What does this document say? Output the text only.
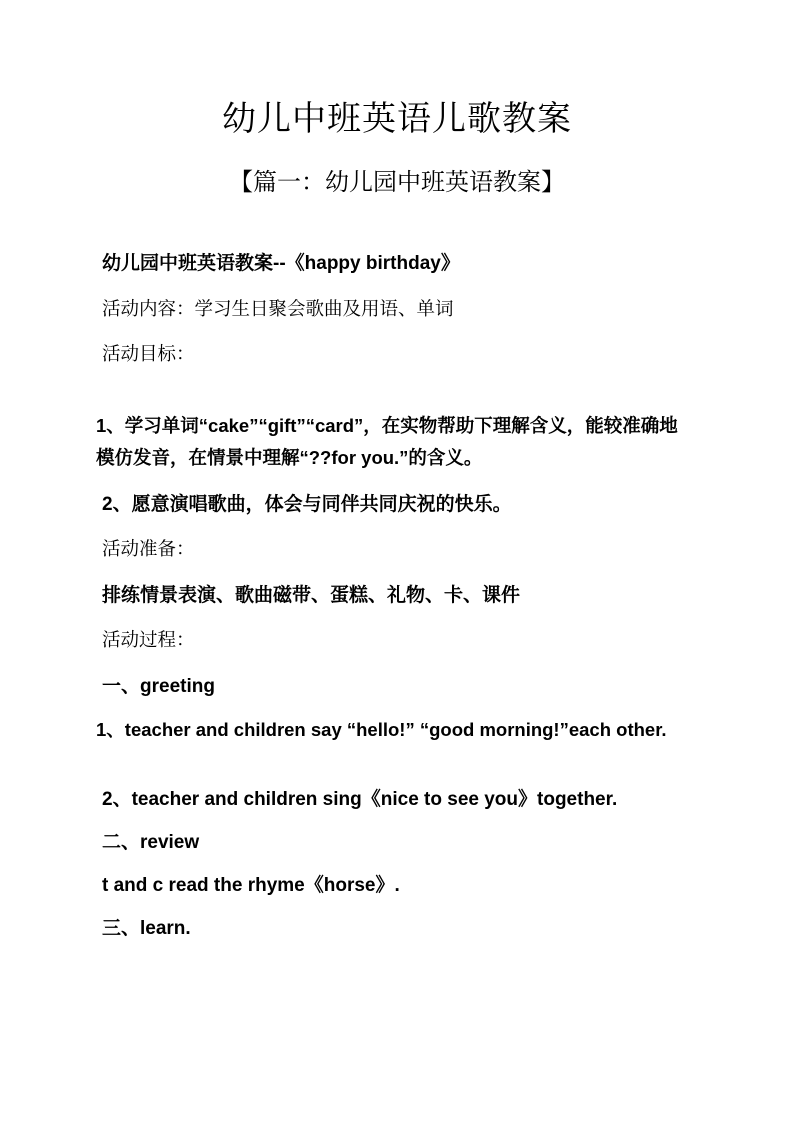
幼儿中班英语儿歌教案
【篇一：幼儿园中班英语教案】

幼儿园中班英语教案--《happy birthday》

活动内容：学习生日聚会歌曲及用语、单词

活动目标：

1、学习单词“cake”“gift”“card”，在实物帮助下理解含义，能较准确地模仿发音，在情景中理解“??for you.”的含义。

2、愿意演唱歌曲，体会与同伴共同庆祝的快乐。

活动准备：

排练情景表演、歌曲磁带、蛋糕、礼物、卡、课件

活动过程：

一、greeting

1、teacher and children say “hello!” “good morning!”each other.

2、teacher and children sing《nice to see you》together.

二、review

t and c read the rhyme《horse》.

三、learn.
